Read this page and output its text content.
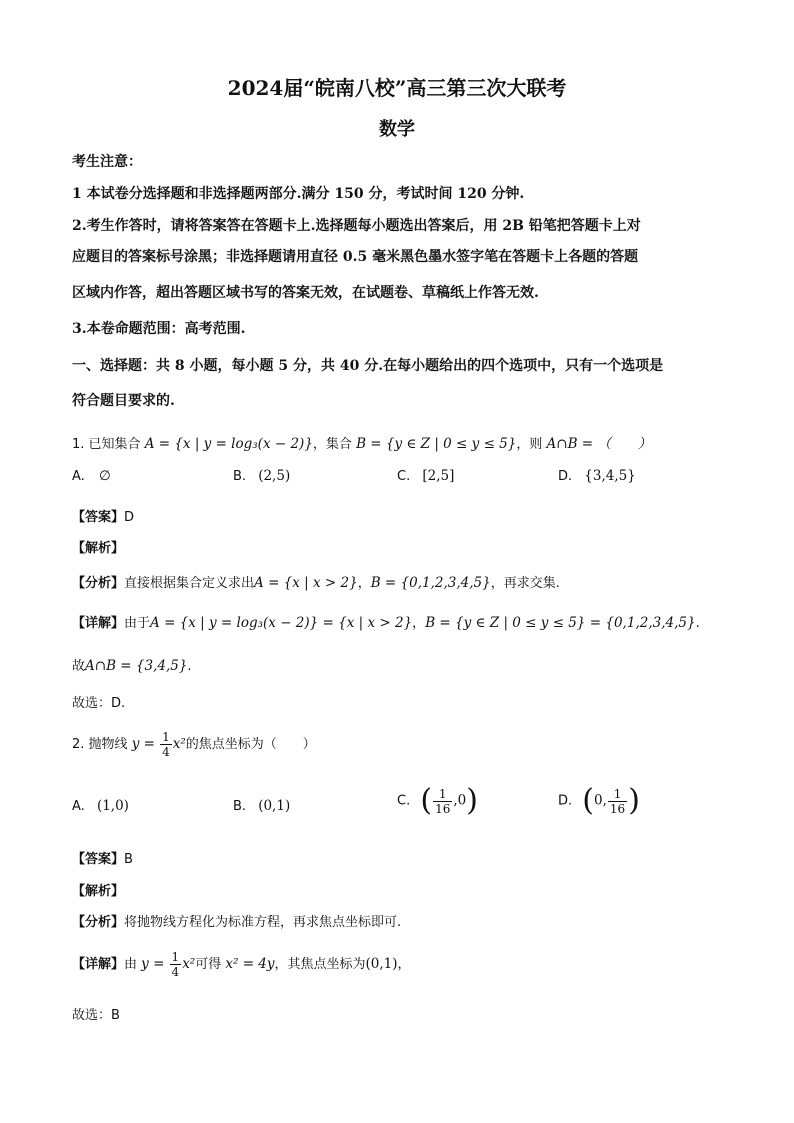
2024届“皖南八校”高三第三次大联考
数学
考生注意：
1 本试卷分选择题和非选择题两部分.满分 150 分，考试时间 120 分钟.
2.考生作答时，请将答案答在答题卡上.选择题每小题选出答案后，用 2B 铅笔把答题卡上对
应题目的答案标号涂黑；非选择题请用直径 0.5 毫米黑色墨水签字笔在答题卡上各题的答题
区域内作答，超出答题区域书写的答案无效，在试题卷、草稿纸上作答无效.
3.本卷命题范围：高考范围.
一、选择题：共 8 小题，每小题 5 分，共 40 分.在每小题给出的四个选项中，只有一个选项是
符合题目要求的.
1. 已知集合 A = {x | y = log₃(x − 2)}，集合 B = {y ∈ Z | 0 ≤ y ≤ 5}，则 A∩B = （　　）
A. ∅	B. (2,5)	C. [2,5]	D. {3,4,5}
【答案】D
【解析】
【分析】直接根据集合定义求出A = {x | x > 2}，B = {0,1,2,3,4,5}，再求交集.
【详解】由于A = {x | y = log₃(x − 2)} = {x | x > 2}，B = {y ∈ Z | 0 ≤ y ≤ 5} = {0,1,2,3,4,5}.
故A∩B = {3,4,5}.
故选：D.
2. 抛物线 $y = \frac{1}{4} x^2$的焦点坐标为（　　）
A. (1,0)	B. (0,1)	C. ( $\frac{1}{16} ,0$)	D. (0, $\frac{1}{16}$ )
【答案】B
【解析】
【分析】将抛物线方程化为标准方程，再求焦点坐标即可.
【详解】由 $y = \frac{1}{4} x^2$可得 x² = 4y，其焦点坐标为(0,1)，
故选：B
